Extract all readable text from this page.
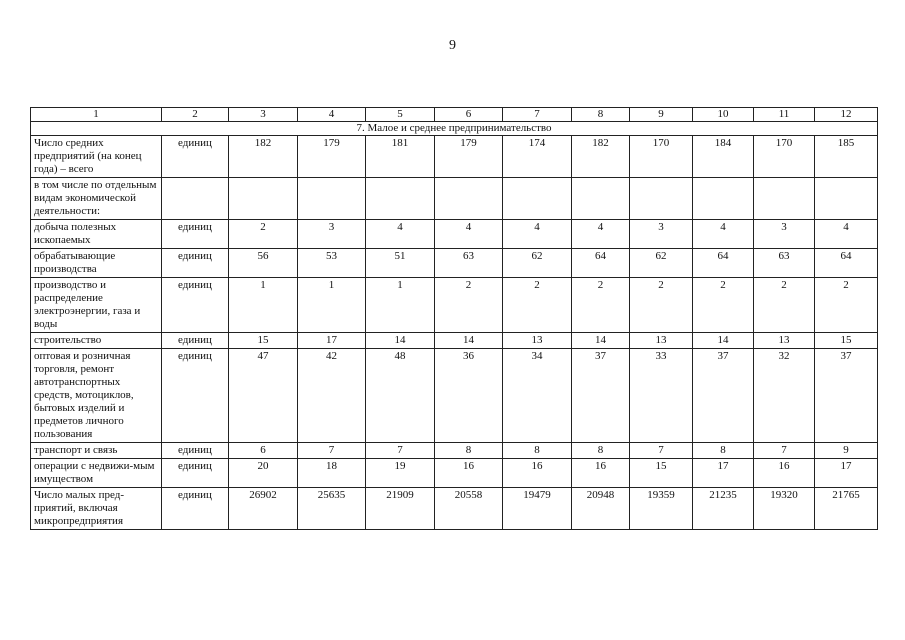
9
1	2	3	4	5	6	7	8	9	10	11	12
7. Малое и среднее предпринимательство											
Число средних предприятий (на конец года) – всего	единиц	182	179	181	179	174	182	170	184	170	185
в том числе по отдельным видам экономической деятельности:											
добыча полезных ископаемых	единиц	2	3	4	4	4	4	3	4	3	4
обрабатывающие производства	единиц	56	53	51	63	62	64	62	64	63	64
производство и распределение электроэнергии, газа и воды	единиц	1	1	1	2	2	2	2	2	2	2
строительство	единиц	15	17	14	14	13	14	13	14	13	15
оптовая и розничная торговля, ремонт автотранспортных средств, мотоциклов, бытовых изделий и предметов личного пользования	единиц	47	42	48	36	34	37	33	37	32	37
транспорт и связь	единиц	6	7	7	8	8	8	7	8	7	9
операции с недвижи-мым имуществом	единиц	20	18	19	16	16	16	15	17	16	17
Число малых пред-приятий, включая микропредприятия	единиц	26902	25635	21909	20558	19479	20948	19359	21235	19320	21765
